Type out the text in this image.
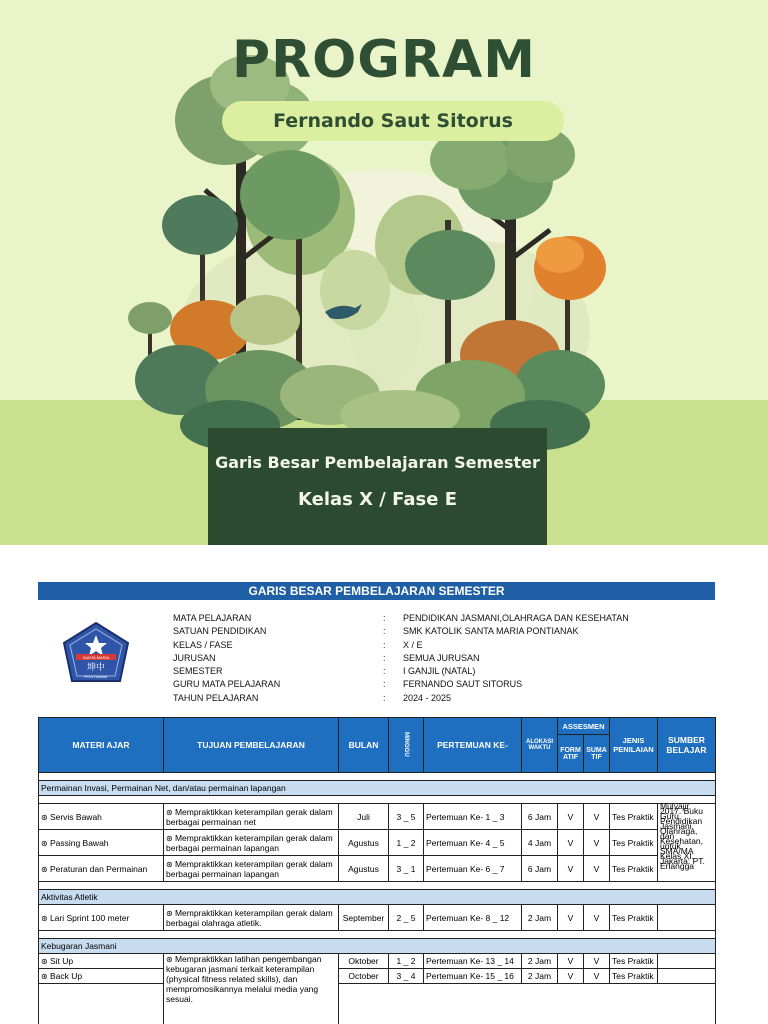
PROGRAM
Fernando Saut Sitorus
Garis Besar Pembelajaran Semester
Kelas X / Fase E
GARIS BESAR PEMBELAJARAN SEMESTER
SANTA MARIA
坤中
PONTIANAK
MATA PELAJARAN	:	PENDIDIKAN JASMANI,OLAHRAGA DAN KESEHATAN
SATUAN PENDIDIKAN	:	SMK KATOLIK SANTA MARIA PONTIANAK
KELAS / FASE	:	X / E
JURUSAN	:	SEMUA JURUSAN
SEMESTER	:	I GANJIL (NATAL)
GURU MATA PELAJARAN	:	FERNANDO SAUT SITORUS
TAHUN PELAJARAN	:	2024 - 2025
MATERI AJAR	TUJUAN PEMBELAJARAN	BULAN	MINGGU	PERTEMUAN KE-	ALOKASI WAKTU	ASSESMEN		JENIS PENILAIAN	SUMBER BELAJAR
						FORM ATIF	SUMA TIF		

Permainan Invasi, Permainan Net, dan/atau permainan lapangan									

⊛ Servis Bawah	⊛ Mempraktikkan keterampilan gerak dalam berbagai permainan net	Juli	3 _ 5	Pertemuan Ke- 1 _ 3	6 Jam	V	V	Tes Praktik	Mulyajir. 2017. Buku Guru Pendidikan Jasmani, Olahraga, dan Kesehatan, untuk SMA/MA Kelas XI. Jakarta: PT. Erlangga
⊛ Passing Bawah	⊛ Mempraktikkan keterampilan gerak dalam berbagai permainan lapangan	Agustus	1 _ 2	Pertemuan Ke- 4 _ 5	4 Jam	V	V	Tes Praktik	
⊛ Peraturan dan Permainan	⊛ Mempraktikkan keterampilan gerak dalam berbagai permainan lapangan	Agustus	3 _ 1	Pertemuan Ke- 6 _ 7	6 Jam	V	V	Tes Praktik	

Aktivitas Atletik									
⊛ Lari Sprint 100 meter	⊛ Mempraktikkan keterampilan gerak dalam berbagai olahraga atletik.	September	2 _ 5	Pertemuan Ke- 8 _ 12	2 Jam	V	V	Tes Praktik	

Kebugaran Jasmani									
⊛ Sit Up	⊛ Mempraktikkan latihan pengembangan kebugaran jasmani terkait keterampilan (physical fitness related skills), dan mempromosikannya melalui media yang sesuai.	Oktober	1 _ 2	Pertemuan Ke- 13 _ 14	2 Jam	V	V	Tes Praktik	
⊛ Back Up		October	3 _ 4	Pertemuan Ke- 15 _ 16	2 Jam	V	V	Tes Praktik	
